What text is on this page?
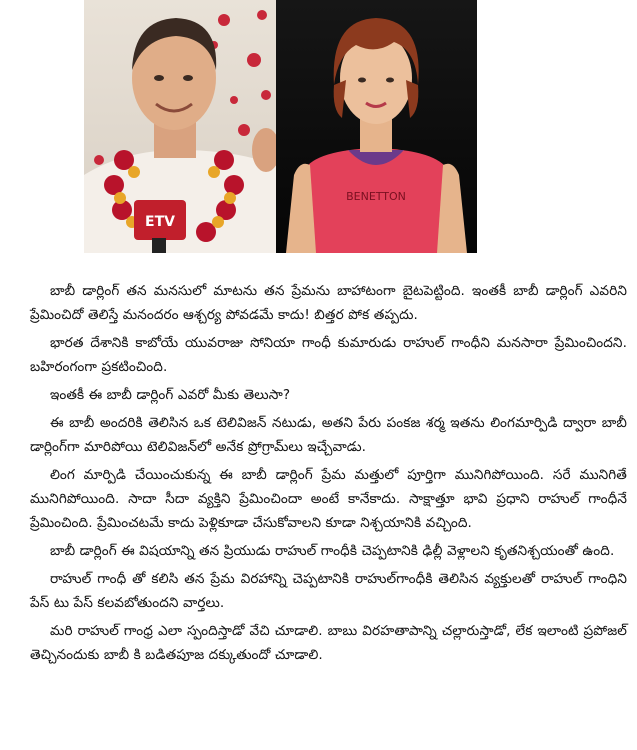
ETV
BENETTON

బాబీ డార్లింగ్ తన మనసులో మాటను తన ప్రేమను బాహాటంగా బైటపెట్టింది. ఇంతకీ బాబీ డార్లింగ్ ఎవరిని ప్రేమించిదో తెలిస్తే మనందరం ఆశ్చర్య పోవడమే కాదు! బిత్తర పోక తప్పదు.

భారత దేశానికి కాబోయే యువరాజు సోనియా గాంధీ కుమారుడు రాహుల్ గాంధీని మనసారా ప్రేమించిందని. బహిరంగంగా ప్రకటించింది.

ఇంతకీ ఈ బాబీ డార్లింగ్ ఎవరో మీకు తెలుసా?

ఈ బాబీ అందరికి తెలిసిన ఒక టెలివిజన్ నటుడు, అతని పేరు పంకజ శర్మ ఇతను లింగమార్పిడి ద్వారా బాబీ డార్లింగ్‌గా మారిపోయి టెలివిజన్‌లో అనేక ప్రోగ్రామ్‌లు ఇచ్చేవాడు.

లింగ మార్పిడి చేయించుకున్న ఈ బాబీ డార్లింగ్ ప్రేమ మత్తులో పూర్తిగా మునిగిపోయింది. సరే మునిగితే మునిగిపోయింది. సాదా సీదా వ్యక్తిని ప్రేమించిందా అంటే కానేకాదు. సాక్షాత్తూ భావి ప్రధాని రాహుల్ గాంధీనే ప్రేమించింది. ప్రేమించటమే కాదు పెళ్లికూడా చేసుకోవాలని కూడా నిశ్చయానికి వచ్చింది.

బాబీ డార్లింగ్ ఈ విషయాన్ని తన ప్రియుడు రాహుల్ గాంధీకి చెప్పటానికి ఢిల్లీ వెళ్లాలని కృతనిశ్చయంతో ఉంది.

రాహుల్ గాంధీ తో కలిసి తన ప్రేమ విరహాన్ని చెప్పటానికి రాహుల్‌గాంధీకి తెలిసిన వ్యక్తులతో రాహుల్ గాంధిని పేస్ టు పేస్ కలవబోతుందని వార్తలు.

మరి రాహుల్ గాంధ్ర ఎలా స్పందిస్తాడో వేచి చూడాలి. బాబు విరహతాపాన్ని చల్లారుస్తాడో, లేక ఇలాంటి ప్రపోజల్ తెచ్చినందుకు బాబీ కి బడితపూజ దక్కుతుందో చూడాలి.
